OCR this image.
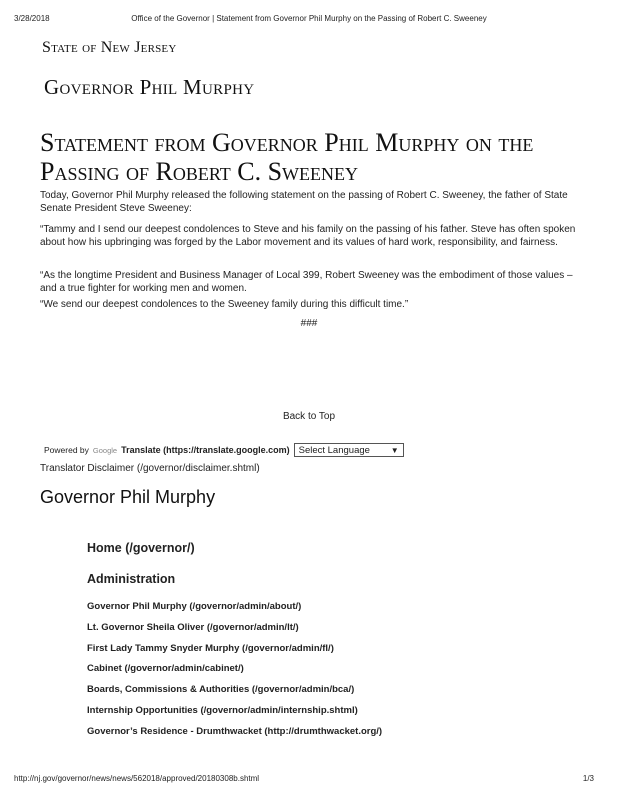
3/28/2018	Office of the Governor | Statement from Governor Phil Murphy on the Passing of Robert C. Sweeney
State of New Jersey
Governor Phil Murphy
Statement from Governor Phil Murphy on the
Passing of Robert C. Sweeney

Today, Governor Phil Murphy released the following statement on the passing of Robert C. Sweeney, the father of State Senate President Steve Sweeney:

“Tammy and I send our deepest condolences to Steve and his family on the passing of his father. Steve has often spoken about how his upbringing was forged by the Labor movement and its values of hard work, responsibility, and fairness.

“As the longtime President and Business Manager of Local 399, Robert Sweeney was the embodiment of those values – and a true fighter for working men and women.

“We send our deepest condolences to the Sweeney family during this difficult time.”

###
Back to Top
Powered by Google Translate (https://translate.google.com) Select Language	▼
Translator Disclaimer (/governor/disclaimer.shtml)
Governor Phil Murphy
Home (/governor/)
Administration
Governor Phil Murphy (/governor/admin/about/)
Lt. Governor Sheila Oliver (/governor/admin/lt/)
First Lady Tammy Snyder Murphy (/governor/admin/fl/)
Cabinet (/governor/admin/cabinet/)
Boards, Commissions & Authorities (/governor/admin/bca/)
Internship Opportunities (/governor/admin/internship.shtml)
Governor’s Residence - Drumthwacket (http://drumthwacket.org/)
http://nj.gov/governor/news/news/562018/approved/20180308b.shtml	1/3
